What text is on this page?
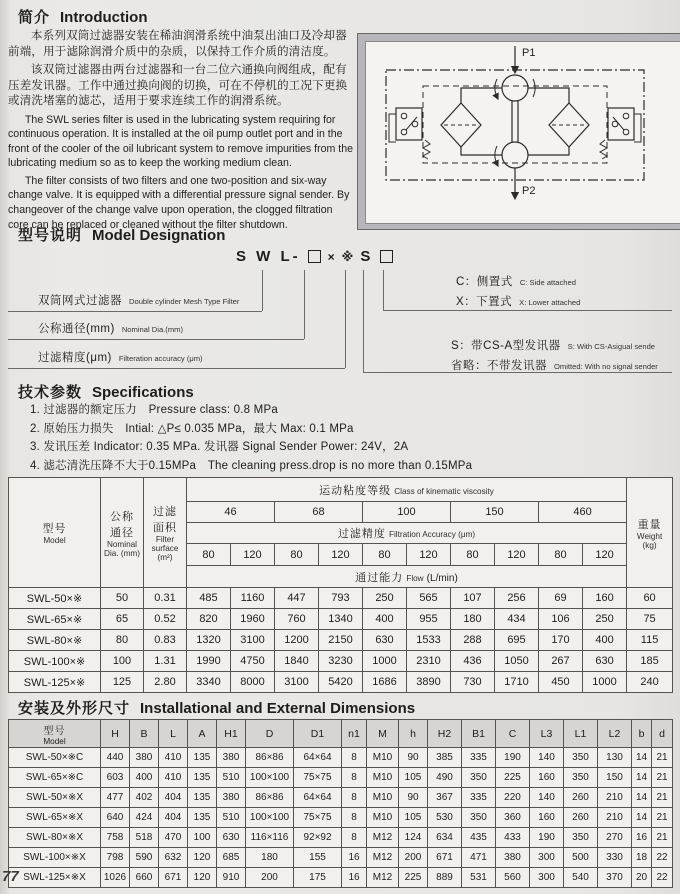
简介 Introduction

本系列双筒过滤器安装在稀油润滑系统中油泵出油口及冷却器前端，用于滤除润滑介质中的杂质，以保持工作介质的清洁度。

该双筒过滤器由两台过滤器和一台二位六通换向阀组成，配有压差发讯器。工作中通过换向阀的切换，可在不停机的工况下更换或清洗堵塞的滤芯，适用于要求连续工作的润滑系统。

The SWL series filter is used in the lubricating system requiring for continuous operation. It is installed at the oil pump outlet port and in the front of the cooler of the oil lubricant system to remove impurities from the lubricating medium so as to keep the working medium clean.

The filter consists of two filters and one two-position and six-way change valve. It is equipped with a differential pressure signal sender. By changeover of the change valve upon operation, the clogged filtration core can be replaced or cleaned without the filter shutdown.

P1
P2
型号说明 Model Designation
S W L- × ※ S
双筒网式过滤器 Double cylinder Mesh Type Filter
公称通径(mm) Nominal Dia.(mm)
过滤精度(μm) Filteration accuracy (μm)
C：侧置式 C: Side attached
X：下置式 X: Lower attached
S：带CS-A型发讯器 S: With CS-Asigual sende
省略：不带发讯器 Omitted: With no signal sender
技术参数 Specifications
1. 过滤器的额定压力　Pressure class: 0.8 MPa
2. 原始压力损失　Intial: △P≤ 0.035 MPa，最大 Max: 0.1 MPa
3. 发讯压差 Indicator: 0.35 MPa. 发讯器 Signal Sender Power: 24V，2A
4. 滤芯清洗压降不大于0.15MPa　The cleaning press.drop is no more than 0.15MPa
型号
Model

公称通径
Nominal Dia. (mm)

过滤面积
Filter surface (m²)
	运动粘度等级 Class of kinematic viscosity	
重量
Weight
(kg)

			46		68		100		150		460		
			过滤精度 Filtration Accuracy (μm)										
			80	120	80	120	80	120	80	120	80	120	
			通过能力 Flow (L/min)										
SWL-50×※	50	0.31	485	1160	447	793	250	565	107	256	69	160	60
SWL-65×※	65	0.52	820	1960	760	1340	400	955	180	434	106	250	75
SWL-80×※	80	0.83	1320	3100	1200	2150	630	1533	288	695	170	400	115
SWL-100×※	100	1.31	1990	4750	1840	3230	1000	2310	436	1050	267	630	185
SWL-125×※	125	2.80	3340	8000	3100	5420	1686	3890	730	1710	450	1000	240
安装及外形尺寸 Installational and External Dimensions
型号
Model	H	B	L	A	H1	D	D1	n1	M	h	H2	B1	C	L3	L1	L2	b	d
SWL-50×※C	440	380	410	135	380	86×86	64×64	8	M10	90	385	335	190	140	350	130	14	21
SWL-65×※C	603	400	410	135	510	100×100	75×75	8	M10	105	490	350	225	160	350	150	14	21
SWL-50×※X	477	402	404	135	380	86×86	64×64	8	M10	90	367	335	220	140	260	210	14	21
SWL-65×※X	640	424	404	135	510	100×100	75×75	8	M10	105	530	350	360	160	260	210	14	21
SWL-80×※X	758	518	470	100	630	116×116	92×92	8	M12	124	634	435	433	190	350	270	16	21
SWL-100×※X	798	590	632	120	685	180	155	16	M12	200	671	471	380	300	500	330	18	22
SWL-125×※X	1026	660	671	120	910	200	175	16	M12	225	889	531	560	300	540	370	20	22
77
